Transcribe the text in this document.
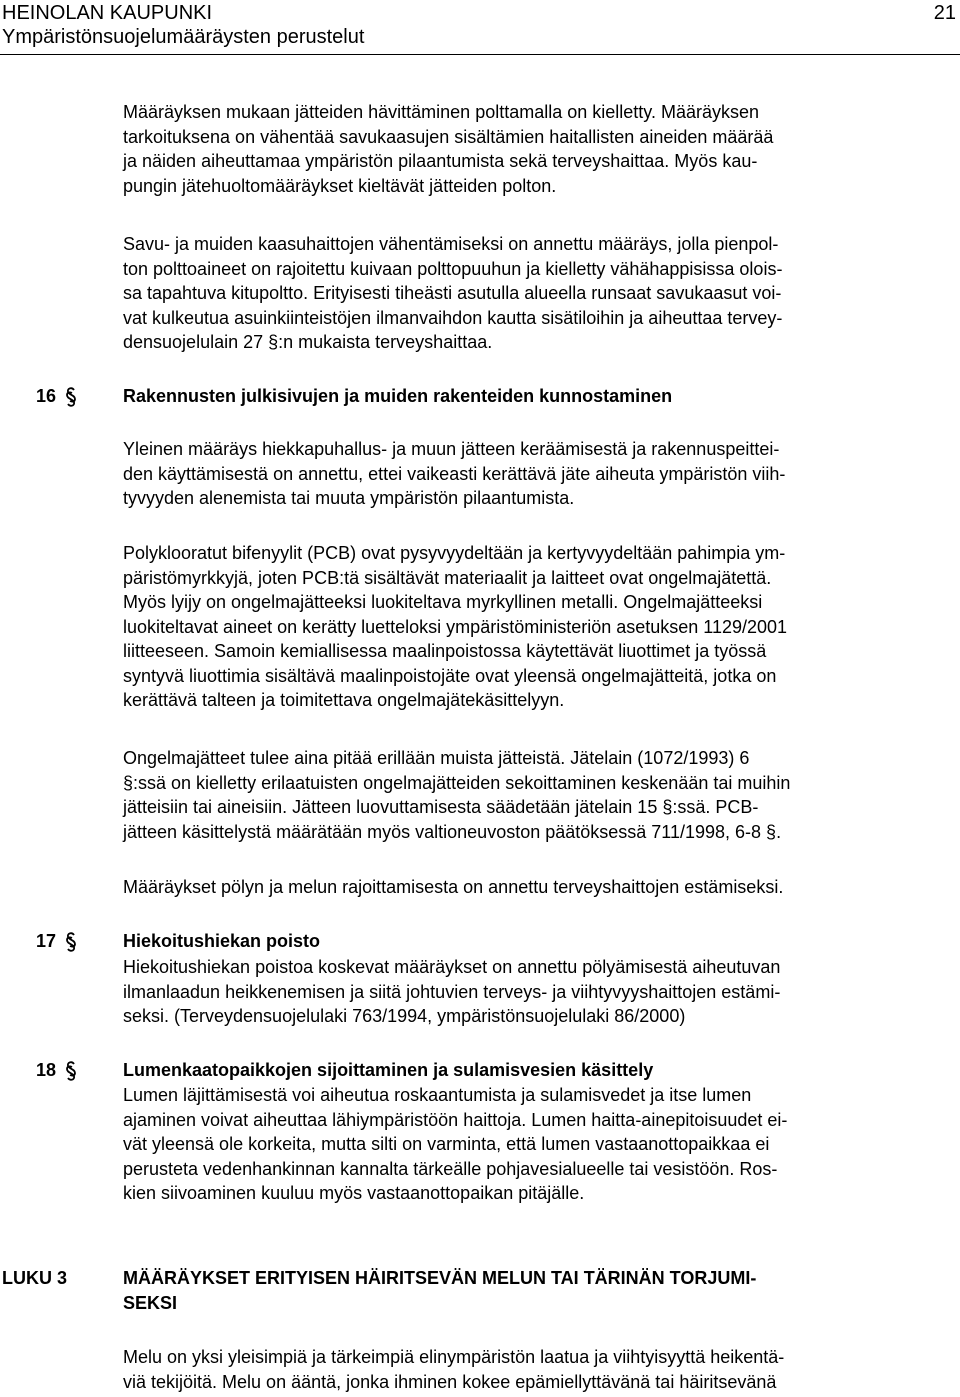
HEINOLAN KAUPUNKI
Ympäristönsuojelumääräysten perustelut
21

Määräyksen mukaan jätteiden hävittäminen polttamalla on kielletty. Määräyksen
tarkoituksena on vähentää savukaasujen sisältämien haitallisten aineiden määrää
ja näiden aiheuttamaa ympäristön pilaantumista sekä terveyshaittaa. Myös kau-
pungin jätehuoltomääräykset kieltävät jätteiden polton.

Savu- ja muiden kaasuhaittojen vähentämiseksi on annettu määräys, jolla pienpol-
ton polttoaineet on rajoitettu kuivaan polttopuuhun ja kielletty vähähappisissa olois-
sa tapahtuva kitupoltto. Erityisesti tiheästi asutulla alueella runsaat savukaasut voi-
vat kulkeutua asuinkiinteistöjen ilmanvaihdon kautta sisätiloihin ja aiheuttaa tervey-
densuojelulain 27 §:n mukaista terveyshaittaa.

16	Rakennusten julkisivujen ja muiden rakenteiden kunnostaminen

Yleinen määräys hiekkapuhallus- ja muun jätteen keräämisestä ja rakennuspeittei-
den käyttämisestä on annettu, ettei vaikeasti kerättävä jäte aiheuta ympäristön viih-
tyvyyden alenemista tai muuta ympäristön pilaantumista.

Polyklooratut bifenyylit (PCB) ovat pysyvyydeltään ja kertyvyydeltään pahimpia ym-
päristömyrkkyjä, joten PCB:tä sisältävät materiaalit ja laitteet ovat ongelmajätettä.
Myös lyijy on ongelmajätteeksi luokiteltava myrkyllinen metalli. Ongelmajätteeksi
luokiteltavat aineet on kerätty luetteloksi ympäristöministeriön asetuksen 1129/2001
liitteeseen. Samoin kemiallisessa maalinpoistossa käytettävät liuottimet ja työssä
syntyvä liuottimia sisältävä maalinpoistojäte ovat yleensä ongelmajätteitä, jotka on
kerättävä talteen ja toimitettava ongelmajätekäsittelyyn.

Ongelmajätteet tulee aina pitää erillään muista jätteistä. Jätelain (1072/1993) 6
§:ssä on kielletty erilaatuisten ongelmajätteiden sekoittaminen keskenään tai muihin
jätteisiin tai aineisiin. Jätteen luovuttamisesta säädetään jätelain 15 §:ssä. PCB-
jätteen käsittelystä määrätään myös valtioneuvoston päätöksessä 711/1998, 6-8 §.

Määräykset pölyn ja melun rajoittamisesta on annettu terveyshaittojen estämiseksi.

17	Hiekoitushiekan poisto

Hiekoitushiekan poistoa koskevat määräykset on annettu pölyämisestä aiheutuvan
ilmanlaadun heikkenemisen ja siitä johtuvien terveys- ja viihtyvyyshaittojen estämi-
seksi. (Terveydensuojelulaki 763/1994, ympäristönsuojelulaki 86/2000)

18	Lumenkaatopaikkojen sijoittaminen ja sulamisvesien käsittely

Lumen läjittämisestä voi aiheutua roskaantumista ja sulamisvedet ja itse lumen
ajaminen voivat aiheuttaa lähiympäristöön haittoja. Lumen haitta-ainepitoisuudet ei-
vät yleensä ole korkeita, mutta silti on varminta, että lumen vastaanottopaikkaa ei
perusteta vedenhankinnan kannalta tärkeälle pohjavesialueelle tai vesistöön. Ros-
kien siivoaminen kuuluu myös vastaanottopaikan pitäjälle.

LUKU 3	MÄÄRÄYKSET ERITYISEN HÄIRITSEVÄN MELUN TAI TÄRINÄN TORJUMI-
SEKSI

Melu on yksi yleisimpiä ja tärkeimpiä elinympäristön laatua ja viihtyisyyttä heikentä-
viä tekijöitä. Melu on ääntä, jonka ihminen kokee epämiellyttävänä tai häiritsevänä
